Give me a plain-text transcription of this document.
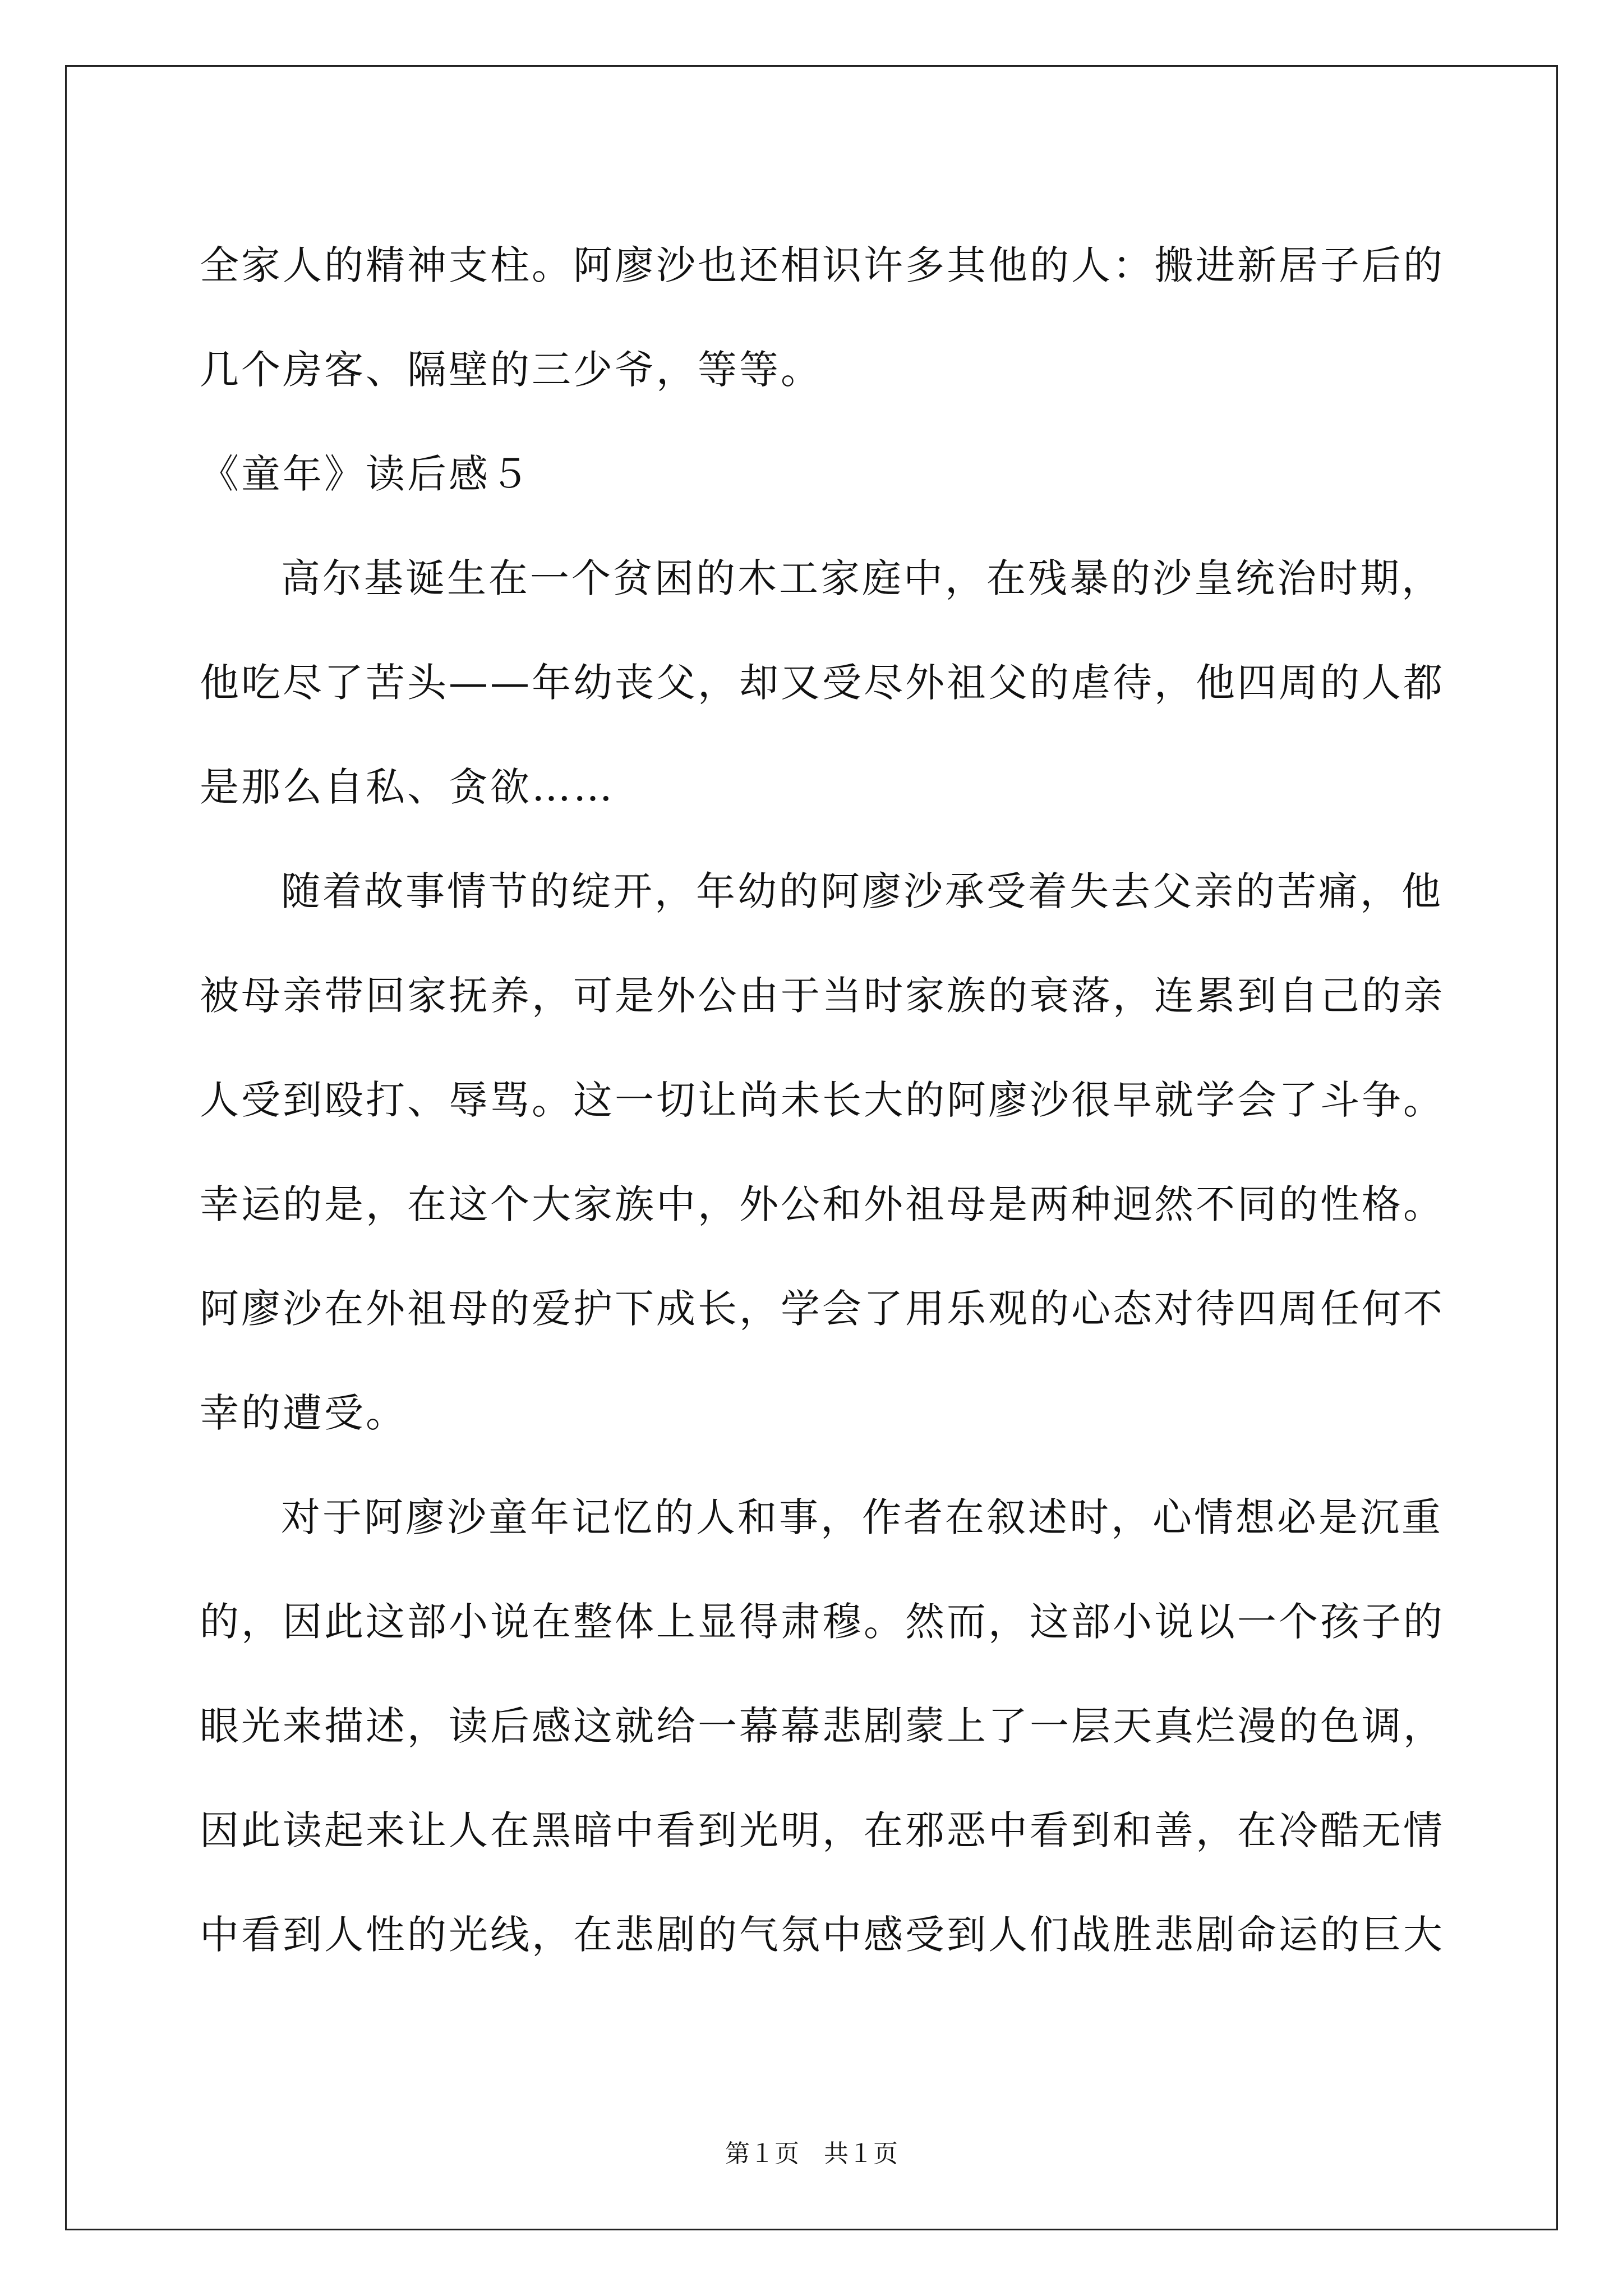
全家人的精神支柱。阿廖沙也还相识许多其他的人：搬进新居子后的
几个房客、隔壁的三少爷，等等。
《童年》读后感５
高尔基诞生在一个贫困的木工家庭中，在残暴的沙皇统治时期，
他吃尽了苦头——年幼丧父，却又受尽外祖父的虐待，他四周的人都
是那么自私、贪欲……
随着故事情节的绽开，年幼的阿廖沙承受着失去父亲的苦痛，他
被母亲带回家抚养，可是外公由于当时家族的衰落，连累到自己的亲
人受到殴打、辱骂。这一切让尚未长大的阿廖沙很早就学会了斗争。
幸运的是，在这个大家族中，外公和外祖母是两种迥然不同的性格。
阿廖沙在外祖母的爱护下成长，学会了用乐观的心态对待四周任何不
幸的遭受。
对于阿廖沙童年记忆的人和事，作者在叙述时，心情想必是沉重
的，因此这部小说在整体上显得肃穆。然而，这部小说以一个孩子的
眼光来描述，读后感这就给一幕幕悲剧蒙上了一层天真烂漫的色调，
因此读起来让人在黑暗中看到光明，在邪恶中看到和善，在冷酷无情
中看到人性的光线，在悲剧的气氛中感受到人们战胜悲剧命运的巨大
第１页　共１页
